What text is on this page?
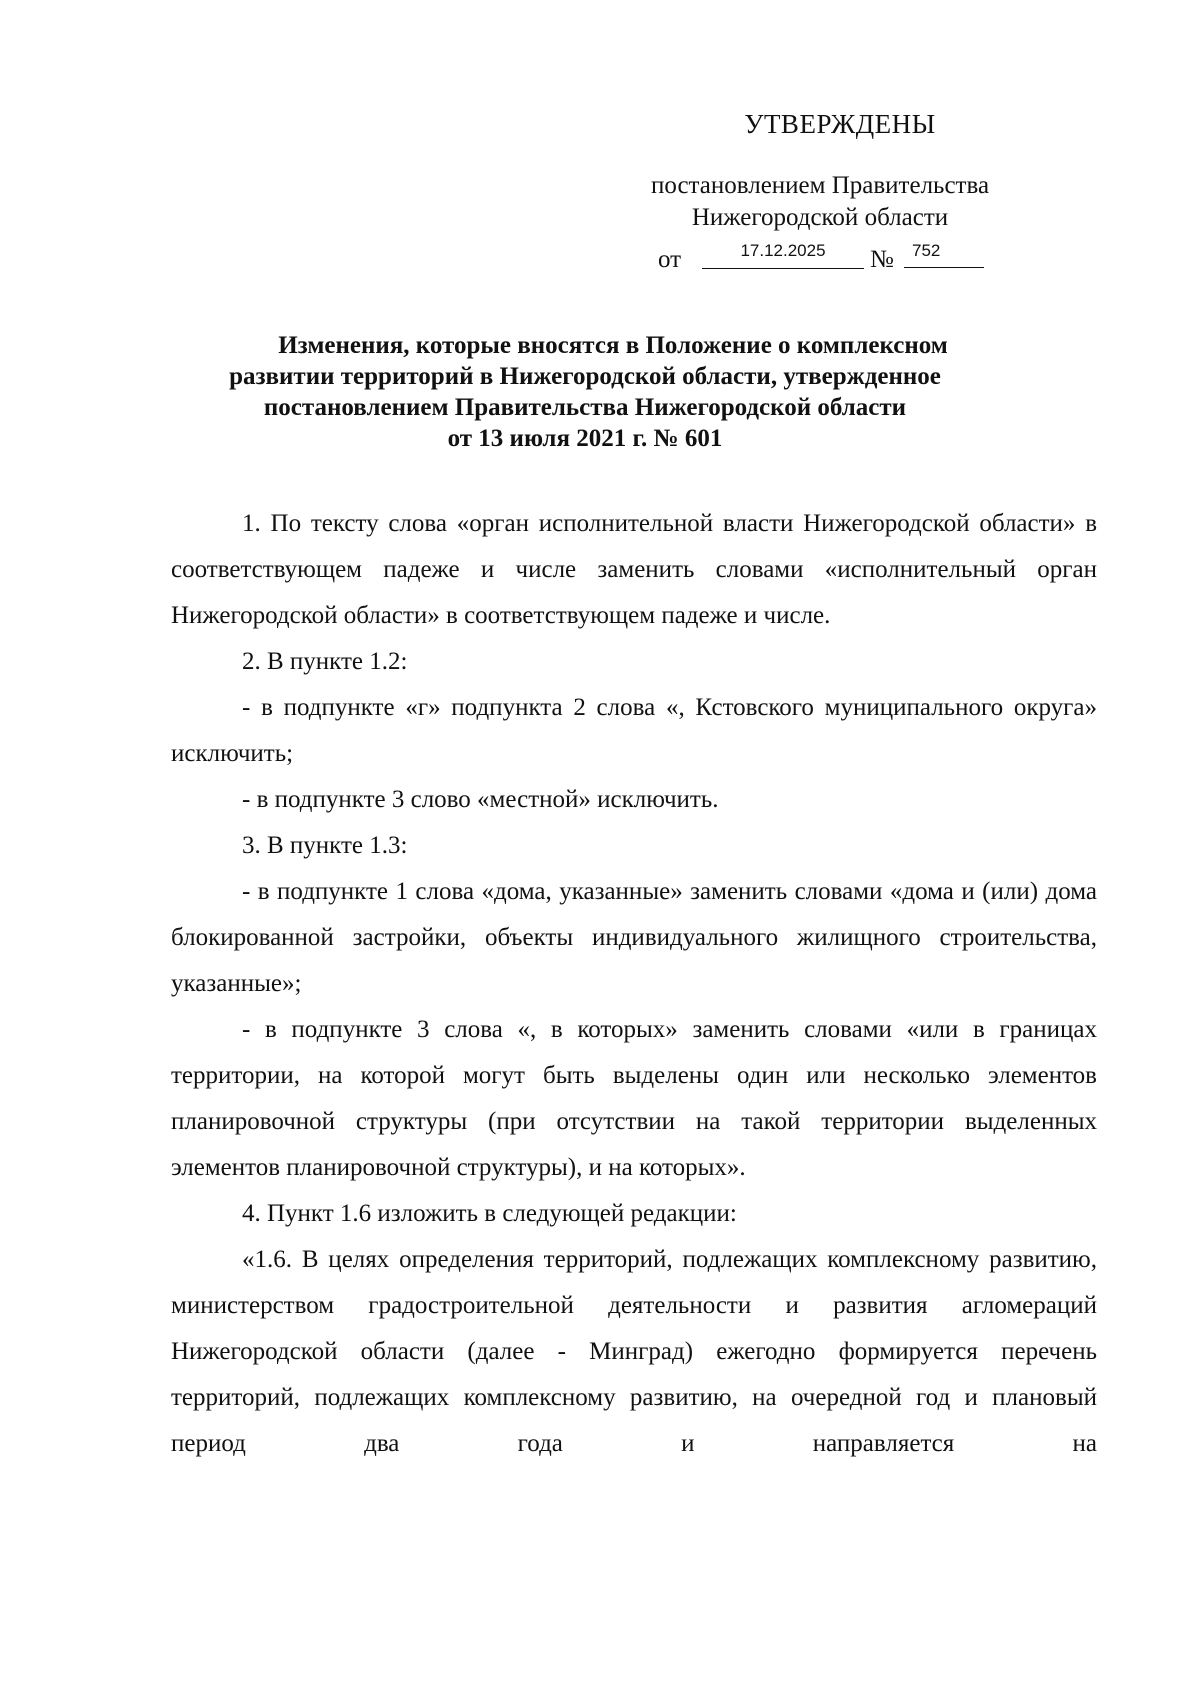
УТВЕРЖДЕНЫ
постановлением Правительства
Нижегородской области
от	17.12.2025	№	752
Изменения, которые вносятся в Положение о комплексном
развитии территорий в Нижегородской области, утвержденное
постановлением Правительства Нижегородской области
от 13 июля 2021 г. № 601

1. По тексту слова «орган исполнительной власти Нижегородской области» в соответствующем падеже и числе заменить словами «исполнительный орган Нижегородской области» в соответствующем падеже и числе.

2. В пункте 1.2:

- в подпункте «г» подпункта 2 слова «, Кстовского муниципального округа» исключить;

- в подпункте 3 слово «местной» исключить.

3. В пункте 1.3:

- в подпункте 1 слова «дома, указанные» заменить словами «дома и (или) дома блокированной застройки, объекты индивидуального жилищного строительства, указанные»;

- в подпункте 3 слова «, в которых» заменить словами «или в границах территории, на которой могут быть выделены один или несколько элементов планировочной структуры (при отсутствии на такой территории выделенных элементов планировочной структуры), и на которых».

4. Пункт 1.6 изложить в следующей редакции:

«1.6. В целях определения территорий, подлежащих комплексному развитию, министерством градостроительной деятельности и развития агломераций Нижегородской области (далее - Минград) ежегодно формируется перечень территорий, подлежащих комплексному развитию, на очередной год и плановый период два года и направляется на
